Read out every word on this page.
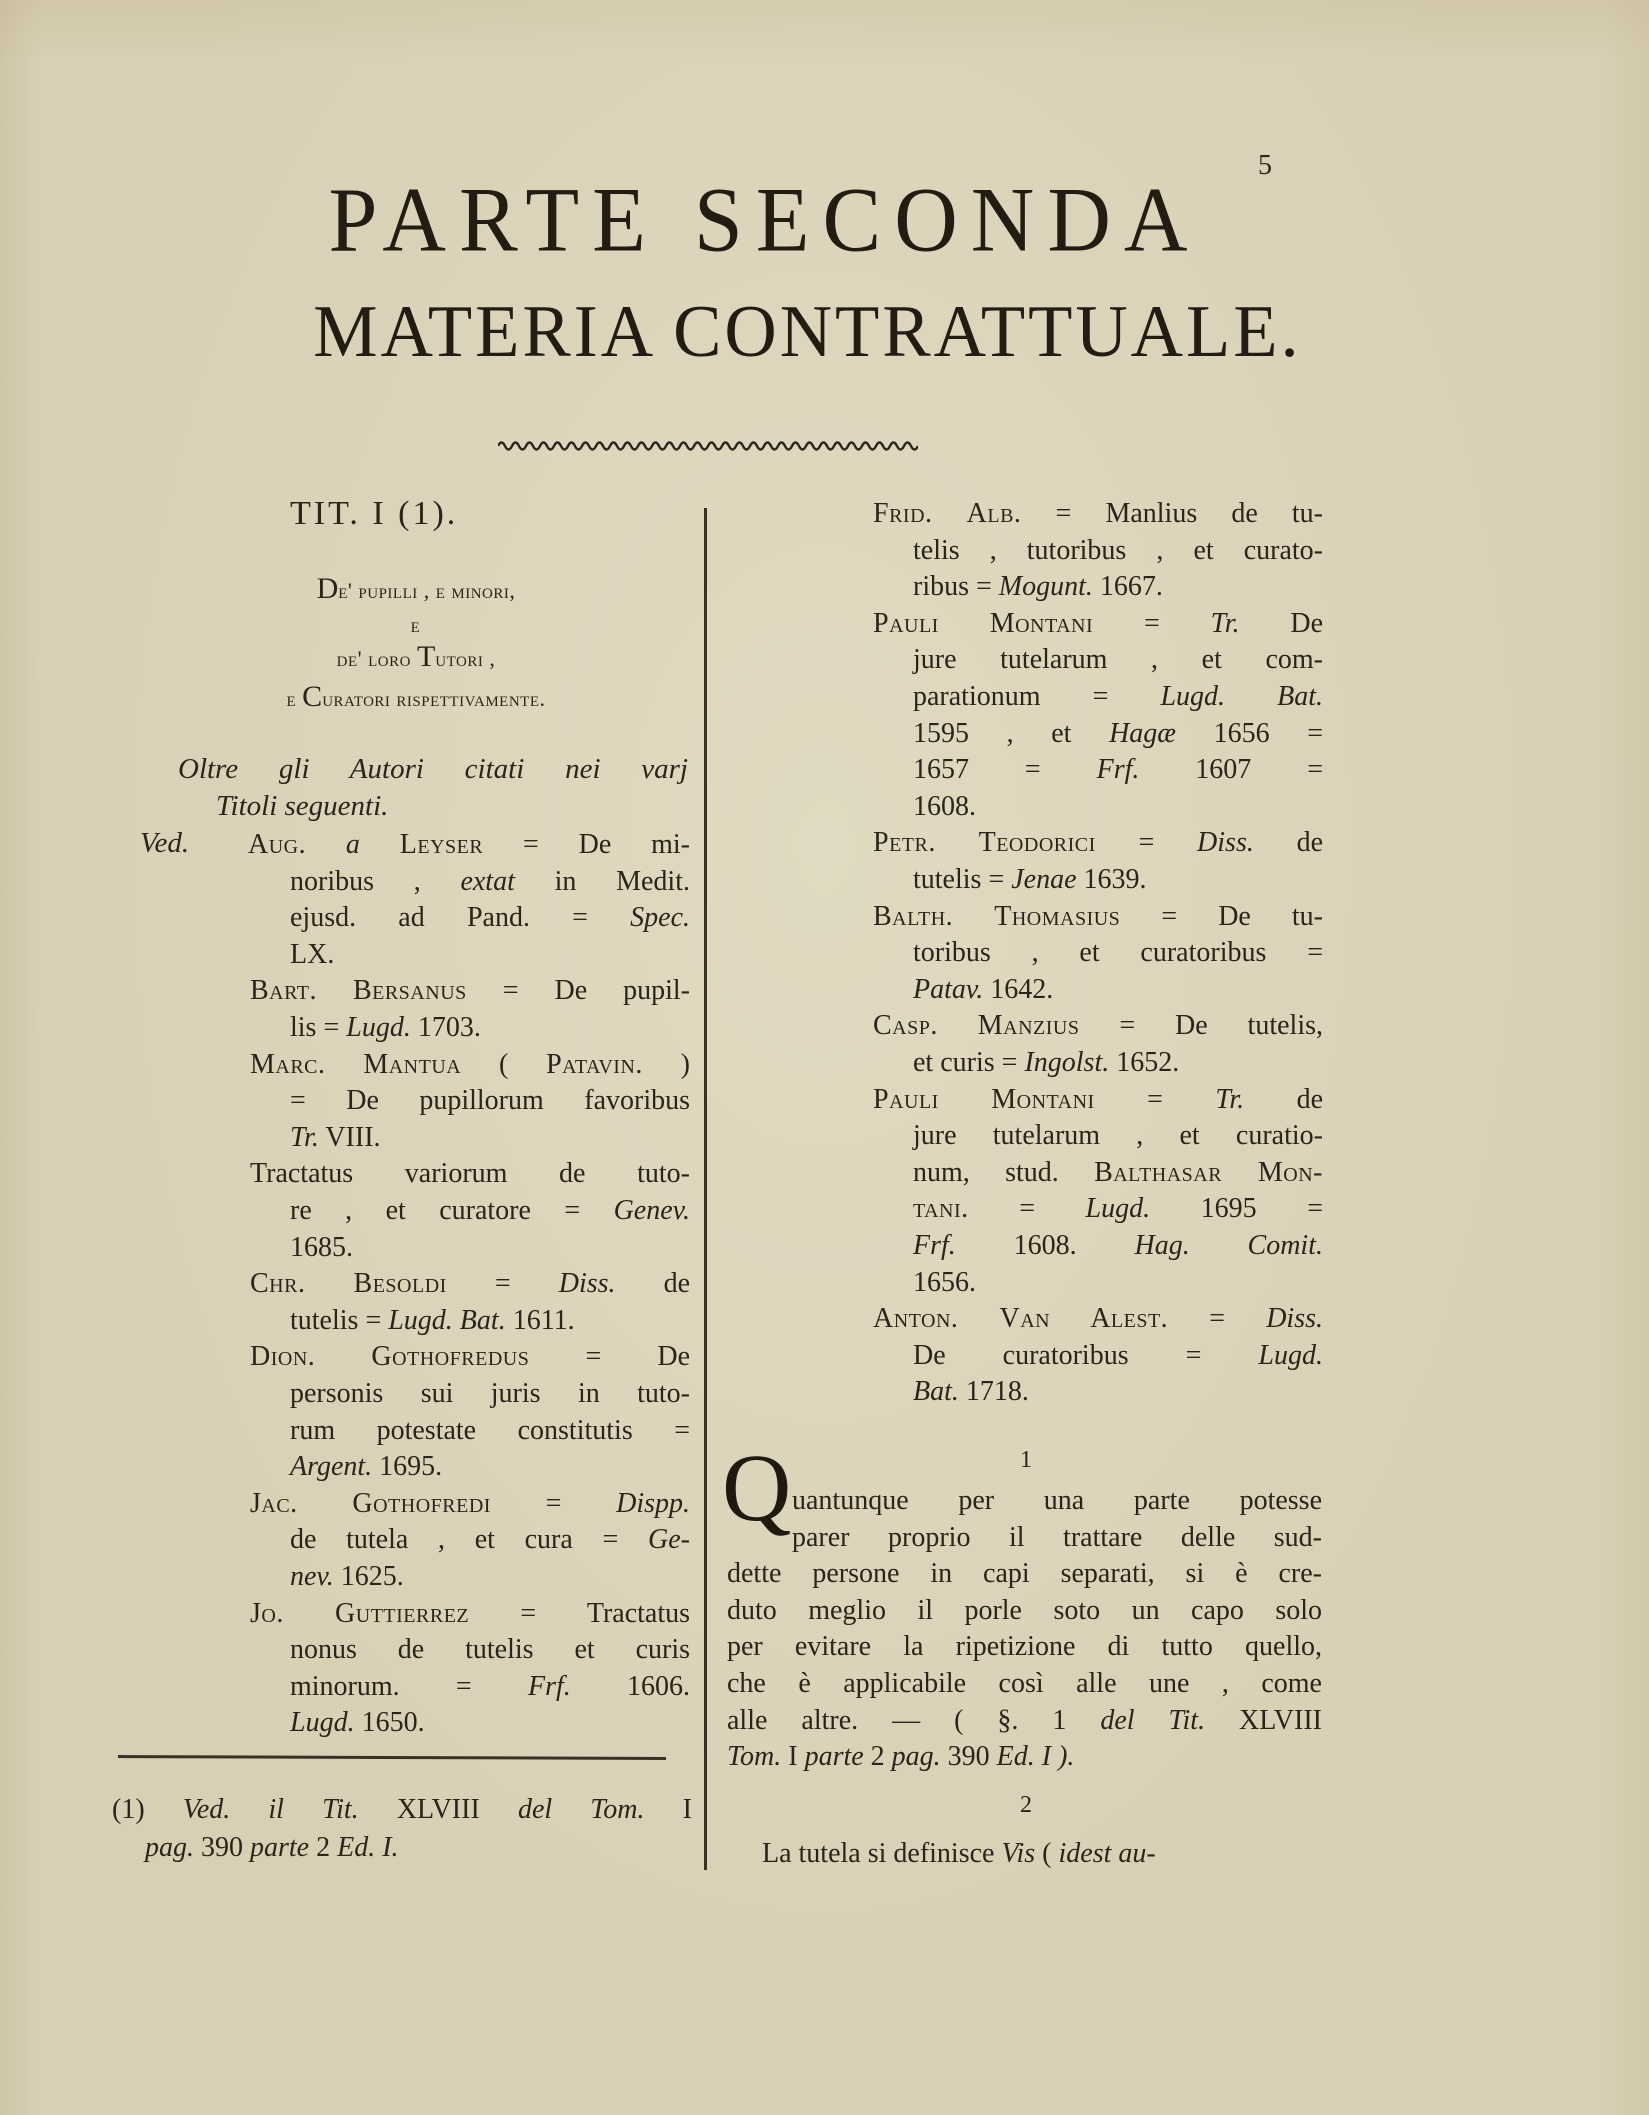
5
PARTE SECONDA
MATERIA CONTRATTUALE.
TIT. I (1).
De' pupilli , e minori,
e
de' loro Tutori ,
e Curatori rispettivamente.
Oltre gli Autori citati nei varj
Titoli seguenti.
Ved. Aug. a Leyser = De mi-
noribus , extat in Medit.
ejusd. ad Pand. = Spec.
LX.
Bart. Bersanus = De pupil-
lis = Lugd. 1703.
Marc. Mantua ( Patavin. )
= De pupillorum favoribus
Tr. VIII.
Tractatus variorum de tuto-
re , et curatore = Genev.
1685.
Chr. Besoldi = Diss. de
tutelis = Lugd. Bat. 1611.
Dion. Gothofredus = De
personis sui juris in tuto-
rum potestate constitutis =
Argent. 1695.
Jac. Gothofredi = Dispp.
de tutela , et cura = Ge-
nev. 1625.
Jo. Guttierrez = Tractatus
nonus de tutelis et curis
minorum. = Frf. 1606.
Lugd. 1650.
Frid. Alb. = Manlius de tu-
telis , tutoribus , et curato-
ribus = Mogunt. 1667.
Pauli Montani = Tr. De
jure tutelarum , et com-
parationum = Lugd. Bat.
1595 , et Hagæ 1656 =
1657 = Frf. 1607 =
1608.
Petr. Teodorici = Diss. de
tutelis = Jenae 1639.
Balth. Thomasius = De tu-
toribus , et curatoribus =
Patav. 1642.
Casp. Manzius = De tutelis,
et curis = Ingolst. 1652.
Pauli Montani = Tr. de
jure tutelarum , et curatio-
num, stud. Balthasar Mon-
tani. = Lugd. 1695 =
Frf. 1608. Hag. Comit.
1656.
Anton. Van Alest. = Diss.
De curatoribus = Lugd.
Bat. 1718.
(1) Ved. il Tit. XLVIII del Tom. I
pag. 390 parte 2 Ed. I.
1
Q uantunque per una parte potesse
parer proprio il trattare delle sud-
dette persone in capi separati, si è cre-
duto meglio il porle soto un capo solo
per evitare la ripetizione di tutto quello,
che è applicabile così alle une , come
alle altre. — ( §. 1 del Tit. XLVIII
Tom. I parte 2 pag. 390 Ed. I ).
2
La tutela si definisce Vis ( idest au-
